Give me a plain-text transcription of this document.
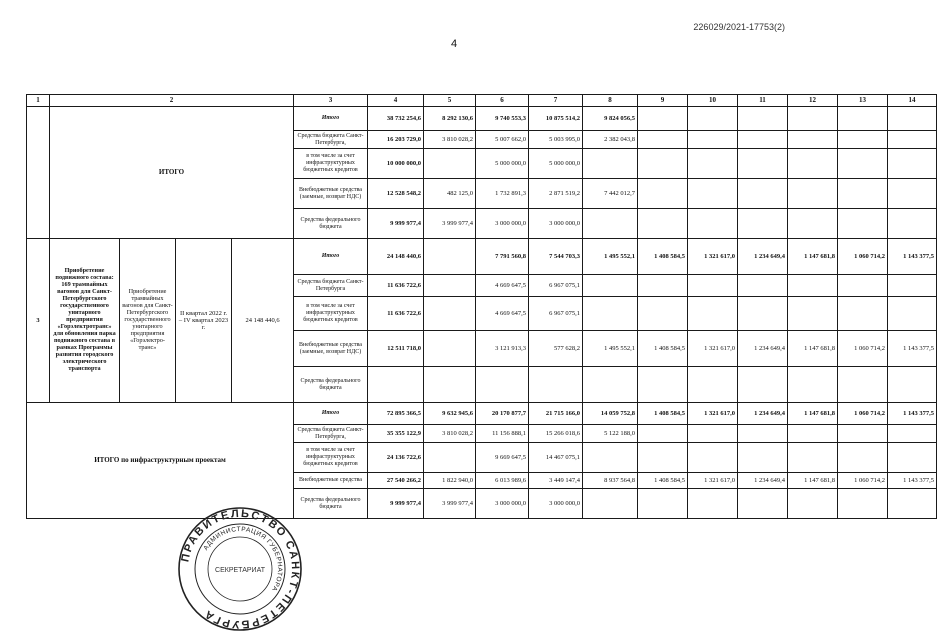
226029/2021-17753(2)
4
1	2				3	4	5	6	7	8	9	10	11	12	13	14
	ИТОГО				Итого	38 732 254,6	8 292 130,6	9 740 553,3	10 875 514,2	9 824 056,5						
					Средства бюджета Санкт-Петербурга,	16 203 729,0	3 810 028,2	5 007 662,0	5 003 995,0	2 382 043,8						
					в том числе за счет инфраструктурных бюджетных кредитов	10 000 000,0		5 000 000,0	5 000 000,0							
					Внебюджетные средства (заемные, возврат НДС)	12 528 548,2	482 125,0	1 732 891,3	2 871 519,2	7 442 012,7						
					Средства федерального бюджета	9 999 977,4	3 999 977,4	3 000 000,0	3 000 000,0							
3	Приобретение подвижного состава: 169 трамвайных вагонов для Санкт-Петербургского государственного унитарного предприятия «Горэлектротранс» для обновления парка подвижного состава в рамках Программы развития городского электрического транспорта	Приобретение трамвайных вагонов для Санкт-Петербургского государственного унитарного предприятия «Горэлектро-транс»	II квартал 2022 г. – IV квартал 2023 г.	24 148 440,6	Итого	24 148 440,6		7 791 560,8	7 544 703,3	1 495 552,1	1 408 584,5	1 321 617,0	1 234 649,4	1 147 681,8	1 060 714,2	1 143 377,5
					Средства бюджета Санкт-Петербурга	11 636 722,6		4 669 647,5	6 967 075,1							
					в том числе за счет инфраструктурных бюджетных кредитов	11 636 722,6		4 669 647,5	6 967 075,1							
					Внебюджетные средства (заемные, возврат НДС)	12 511 718,0		3 121 913,3	577 628,2	1 495 552,1	1 408 584,5	1 321 617,0	1 234 649,4	1 147 681,8	1 060 714,2	1 143 377,5
					Средства федерального бюджета											
ИТОГО по инфраструктурным проектам					Итого	72 895 366,5	9 632 945,6	20 170 877,7	21 715 166,0	14 059 752,8	1 408 584,5	1 321 617,0	1 234 649,4	1 147 681,8	1 060 714,2	1 143 377,5
					Средства бюджета Санкт-Петербурга,	35 355 122,9	3 810 028,2	11 156 888,1	15 266 018,6	5 122 188,0						
					в том числе за счет инфраструктурных бюджетных кредитов	24 136 722,6		9 669 647,5	14 467 075,1							
					Внебюджетные средства	27 540 266,2	1 822 940,0	6 013 989,6	3 449 147,4	8 937 564,8	1 408 584,5	1 321 617,0	1 234 649,4	1 147 681,8	1 060 714,2	1 143 377,5
					Средства федерального бюджета	9 999 977,4	3 999 977,4	3 000 000,0	3 000 000,0							
ПРАВИТЕЛЬСТВО САНКТ-ПЕТЕРБУРГА
АДМИНИСТРАЦИЯ ГУБЕРНАТОРА
СЕКРЕТАРИАТ
